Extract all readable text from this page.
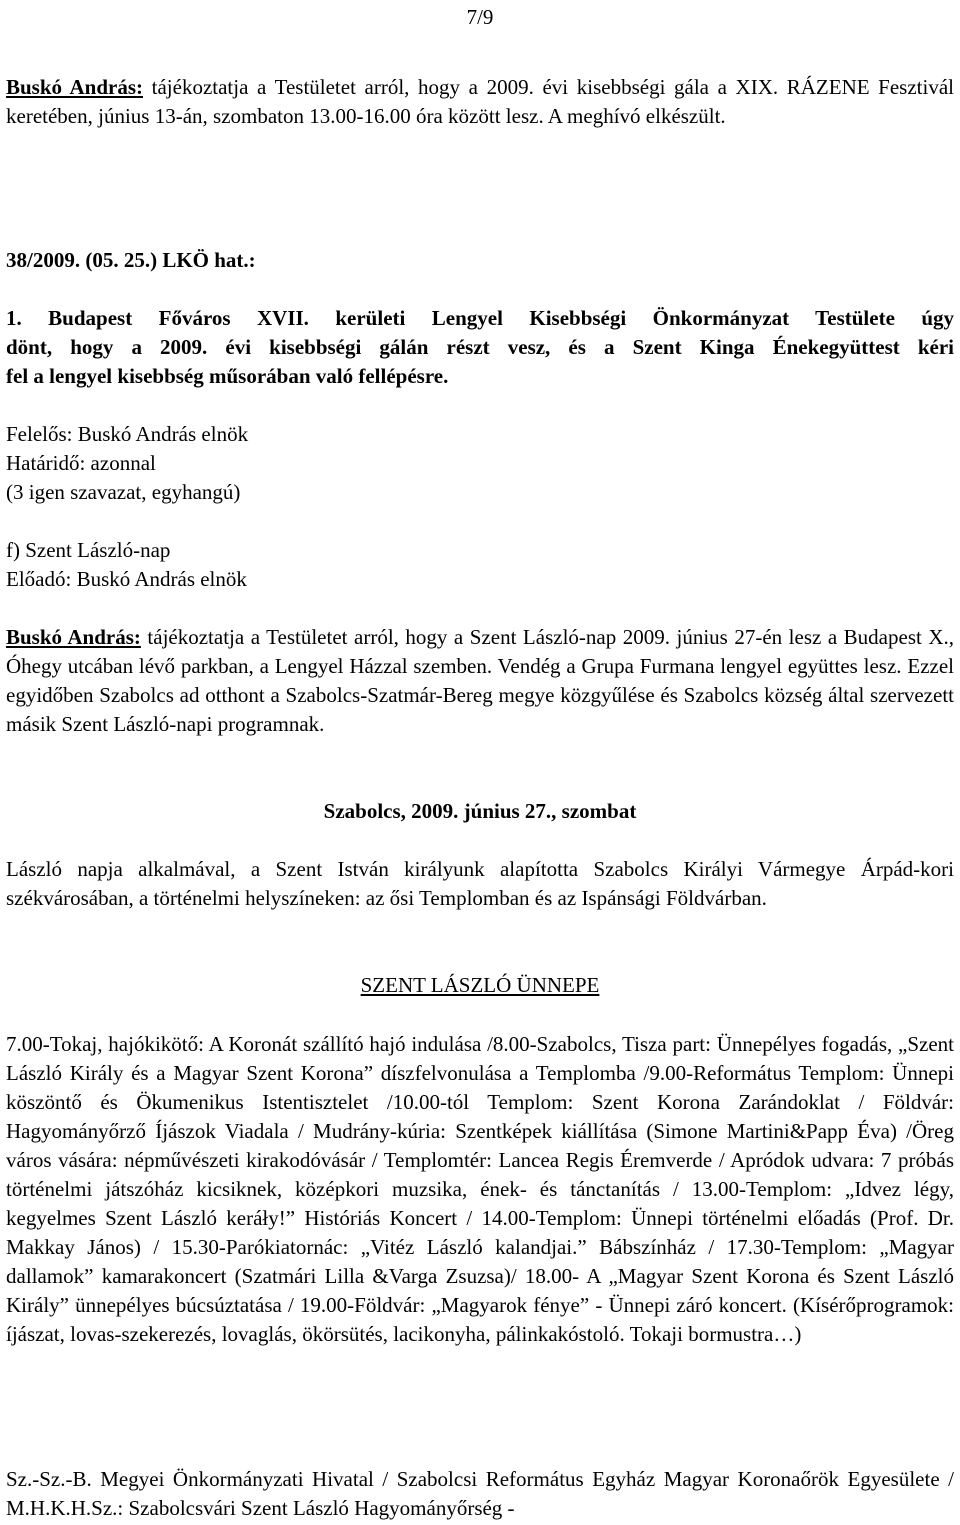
7/9
Buskó András: tájékoztatja a Testületet arról, hogy a 2009. évi kisebbségi gála a XIX. RÁZENE Fesztivál keretében, június 13-án, szombaton 13.00-16.00 óra között lesz. A meghívó elkészült.
38/2009. (05. 25.) LKÖ hat.:
1. Budapest Főváros XVII. kerületi Lengyel Kisebbségi Önkormányzat Testülete úgy
dönt, hogy a 2009. évi kisebbségi gálán részt vesz, és a Szent Kinga Énekegyüttest kéri
fel a lengyel kisebbség műsorában való fellépésre.
Felelős: Buskó András elnök
Határidő: azonnal
(3 igen szavazat, egyhangú)
f) Szent László-nap
Előadó: Buskó András elnök
Buskó András: tájékoztatja a Testületet arról, hogy a Szent László-nap 2009. június 27-én lesz a Budapest X., Óhegy utcában lévő parkban, a Lengyel Házzal szemben. Vendég a Grupa Furmana lengyel együttes lesz. Ezzel egyidőben Szabolcs ad otthont a Szabolcs-Szatmár-Bereg megye közgyűlése és Szabolcs község által szervezett másik Szent László-napi programnak.
Szabolcs, 2009. június 27., szombat
László napja alkalmával, a Szent István királyunk alapította Szabolcs Királyi Vármegye Árpád-kori székvárosában, a történelmi helyszíneken: az ősi Templomban és az Ispánsági Földvárban.
SZENT LÁSZLÓ ÜNNEPE
7.00-Tokaj, hajókikötő: A Koronát szállító hajó indulása /8.00-Szabolcs, Tisza part: Ünnepélyes fogadás, „Szent László Király és a Magyar Szent Korona” díszfelvonulása a Templomba /9.00-Református Templom: Ünnepi köszöntő és Ökumenikus Istentisztelet /10.00-tól Templom: Szent Korona Zarándoklat / Földvár: Hagyományőrző Íjászok Viadala / Mudrány-kúria: Szentképek kiállítása (Simone Martini&Papp Éva) /Öreg város vására: népművészeti kirakodóvásár / Templomtér: Lancea Regis Éremverde / Apródok udvara: 7 próbás történelmi játszóház kicsiknek, középkori muzsika, ének- és tánctanítás / 13.00-Templom: „Idvez légy, kegyelmes Szent László keráły!” Históriás Koncert / 14.00-Templom: Ünnepi történelmi előadás (Prof. Dr. Makkay János) / 15.30-Parókiatornác: „Vitéz László kalandjai.” Bábszínház / 17.30-Templom: „Magyar dallamok” kamarakoncert (Szatmári Lilla &Varga Zsuzsa)/ 18.00- A „Magyar Szent Korona és Szent László Király” ünnepélyes búcsúztatása / 19.00-Földvár: „Magyarok fénye” - Ünnepi záró koncert. (Kísérőprogramok: íjászat, lovas-szekerezés, lovaglás, ökörsütés, lacikonyha, pálinkakóstoló. Tokaji bormustra…)
Sz.-Sz.-B. Megyei Önkormányzati Hivatal / Szabolcsi Református Egyház Magyar Koronaőrök Egyesülete / M.H.K.H.Sz.: Szabolcsvári Szent László Hagyományőrség -
